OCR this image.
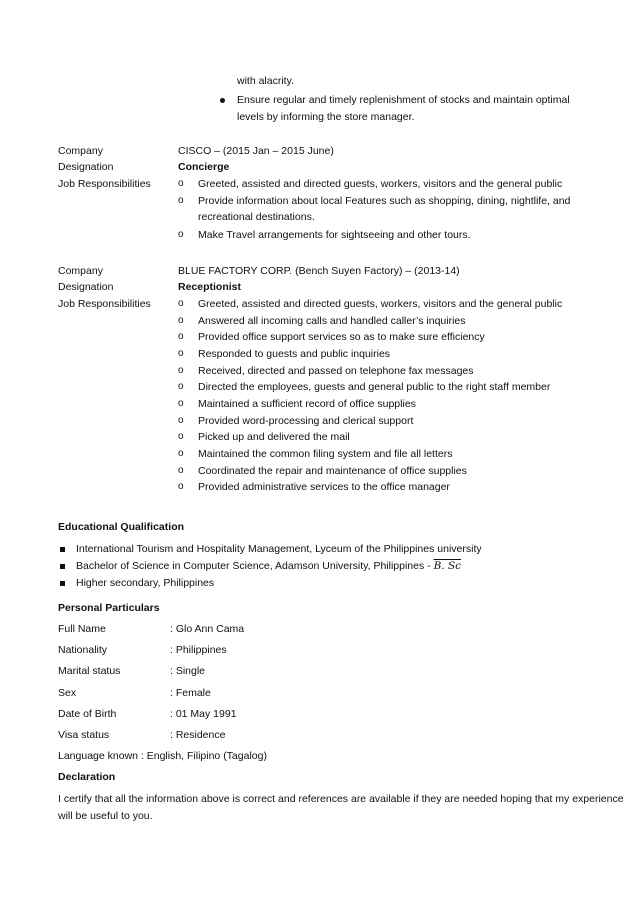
with alacrity.
Ensure regular and timely replenishment of stocks and maintain optimal
levels by informing the store manager.
Company	CISCO – (2015 Jan – 2015 June)
Designation	Concierge
Job Responsibilities	o Greeted, assisted and directed guests, workers, visitors and the general public
o Provide information about local Features such as shopping, dining, nightlife, and
recreational destinations.
o Make Travel arrangements for sightseeing and other tours.
Company	BLUE FACTORY CORP. (Bench Suyen Factory) – (2013-14)
Designation	Receptionist
Job Responsibilities	o Greeted, assisted and directed guests, workers, visitors and the general public
o Answered all incoming calls and handled caller’s inquiries
o Provided office support services so as to make sure efficiency
o Responded to guests and public inquiries
o Received, directed and passed on telephone fax messages
o Directed the employees, guests and general public to the right staff member
o Maintained a sufficient record of office supplies
o Provided word-processing and clerical support
o Picked up and delivered the mail
o Maintained the common filing system and file all letters
o Coordinated the repair and maintenance of office supplies
o Provided administrative services to the office manager
Educational Qualification
International Tourism and Hospitality Management, Lyceum of the Philippines university
Bachelor of Science in Computer Science, Adamson University, Philippines - B. Sc
Higher secondary, Philippines
Personal Particulars
Full Name	: Glo Ann Cama
Nationality	: Philippines
Marital status	: Single
Sex	: Female
Date of Birth	: 01 May 1991
Visa status	: Residence
Language known : English, Filipino (Tagalog)
Declaration
I certify that all the information above is correct and references are available if they are needed hoping that my experience
will be useful to you.
